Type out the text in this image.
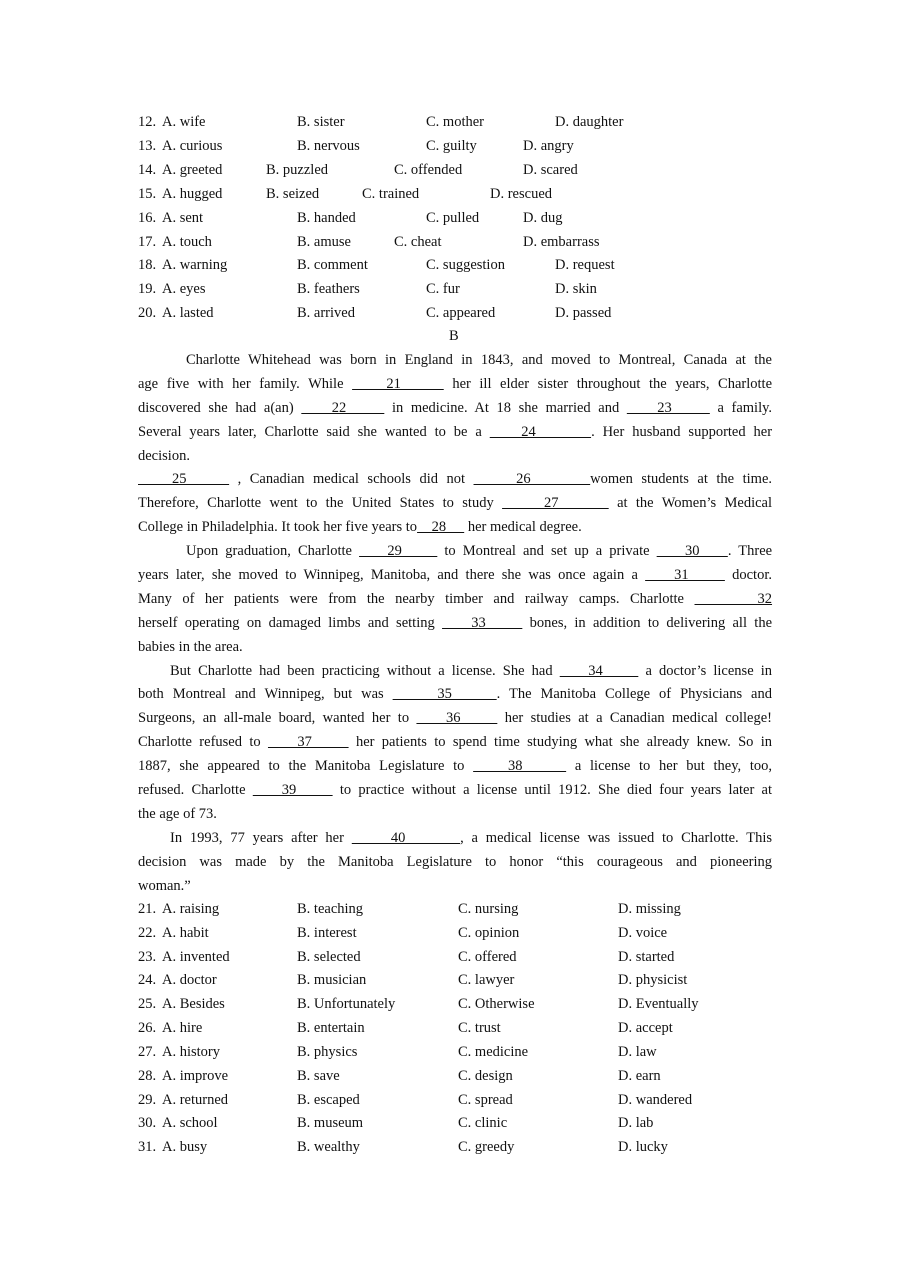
12. A. wife	B. sister	C. mother	D. daughter
13. A. curious	B. nervous	C. guilty	D. angry
14. A. greeted	B. puzzled	C. offended	D. scared
15. A. hugged	B. seized	C. trained	D. rescued
16. A. sent	B. handed	C. pulled	D. dug
17. A. touch	B. amuse	C. cheat	D. embarrass
18. A. warning	B. comment	C. suggestion	D. request
19. A. eyes	B. feathers	C. fur	D. skin
20. A. lasted	B. arrived	C. appeared	D. passed
B
Charlotte Whitehead was born in England in 1843, and moved to Montreal, Canada at the
age five with her family. While     21      her ill elder sister throughout the years, Charlotte
discovered she had a(an)     22      in medicine. At 18 she married and     23      a family.
Several years later, Charlotte said she wanted to be a     24       . Her husband supported her
decision.
25      , Canadian medical schools did not      26       women students at the time.
Therefore, Charlotte went to the United States to study      27       at the Women’s Medical
College in Philadelphia. It took her five years to    28      her medical degree.
Upon graduation, Charlotte     29      to Montreal and set up a private     30    . Three
years later, she moved to Winnipeg, Manitoba, and there she was once again a     31      doctor.
Many of her patients were from the nearby timber and railway camps. Charlotte       32
herself operating on damaged limbs and setting     33      bones, in addition to delivering all the
babies in the area.
But Charlotte had been practicing without a license. She had     34      a doctor’s license in
both Montreal and Winnipeg, but was      35     . The Manitoba College of Physicians and
Surgeons, an all-male board, wanted her to     36      her studies at a Canadian medical college!
Charlotte refused to     37      her patients to spend time studying what she already knew. So in
1887, she appeared to the Manitoba Legislature to     38      a license to her but they, too,
refused. Charlotte     39      to practice without a license until 1912. She died four years later at
the age of 73.
In 1993, 77 years after her      40       , a medical license was issued to Charlotte. This
decision was made by the Manitoba Legislature to honor “this courageous and pioneering
woman.”
21. A. raising	B. teaching	C. nursing	D. missing
22. A. habit	B. interest	C. opinion	D. voice
23. A. invented	B. selected	C. offered	D. started
24. A. doctor	B. musician	C. lawyer	D. physicist
25. A. Besides	B. Unfortunately	C. Otherwise	D. Eventually
26. A. hire	B. entertain	C. trust	D. accept
27. A. history	B. physics	C. medicine	D. law
28. A. improve	B. save	C. design	D. earn
29. A. returned	B. escaped	C. spread	D. wandered
30. A. school	B. museum	C. clinic	D. lab
31. A. busy	B. wealthy	C. greedy	D. lucky
